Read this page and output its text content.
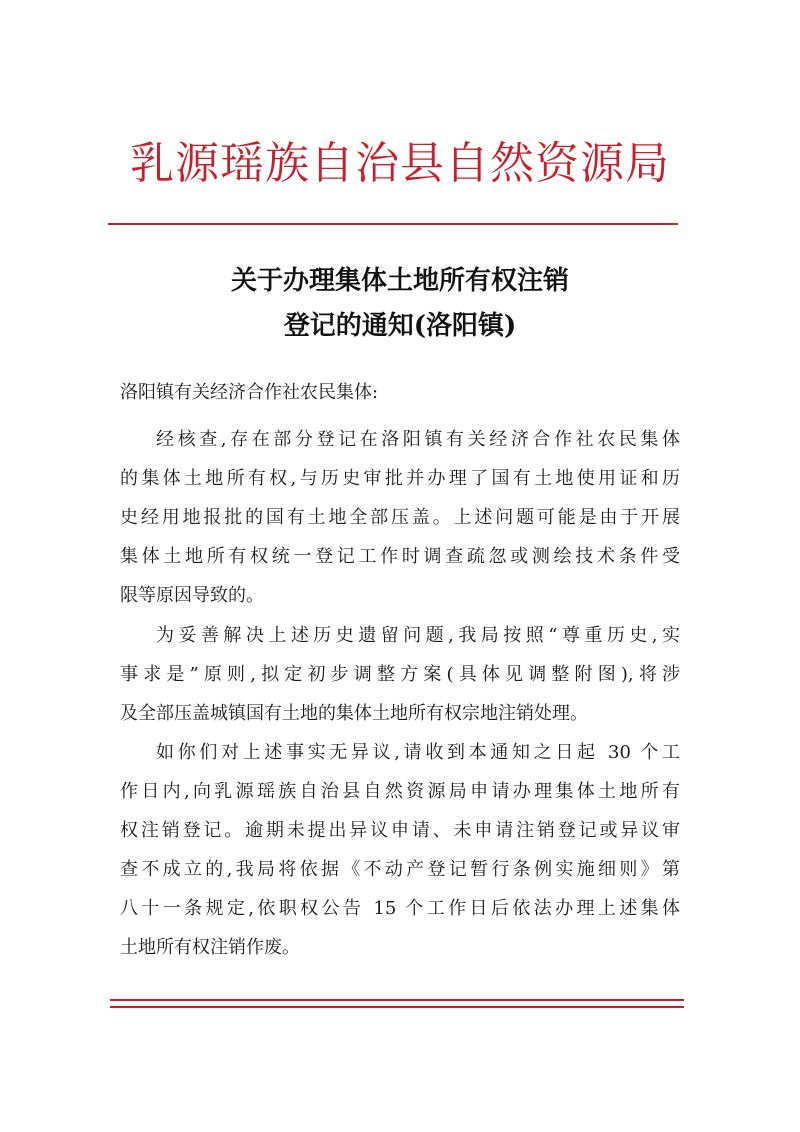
乳源瑶族自治县自然资源局
关于办理集体土地所有权注销
登记的通知(洛阳镇)
洛阳镇有关经济合作社农民集体:
经核查,存在部分登记在洛阳镇有关经济合作社农民集体
的集体土地所有权,与历史审批并办理了国有土地使用证和历
史经用地报批的国有土地全部压盖。上述问题可能是由于开展
集体土地所有权统一登记工作时调查疏忽或测绘技术条件受
限等原因导致的。
为妥善解决上述历史遗留问题,我局按照“尊重历史,实
事求是”原则,拟定初步调整方案(具体见调整附图),将涉
及全部压盖城镇国有土地的集体土地所有权宗地注销处理。
如你们对上述事实无异议,请收到本通知之日起 30 个工
作日内,向乳源瑶族自治县自然资源局申请办理集体土地所有
权注销登记。逾期未提出异议申请、未申请注销登记或异议审
查不成立的,我局将依据《不动产登记暂行条例实施细则》第
八十一条规定,依职权公告 15 个工作日后依法办理上述集体
土地所有权注销作废。
